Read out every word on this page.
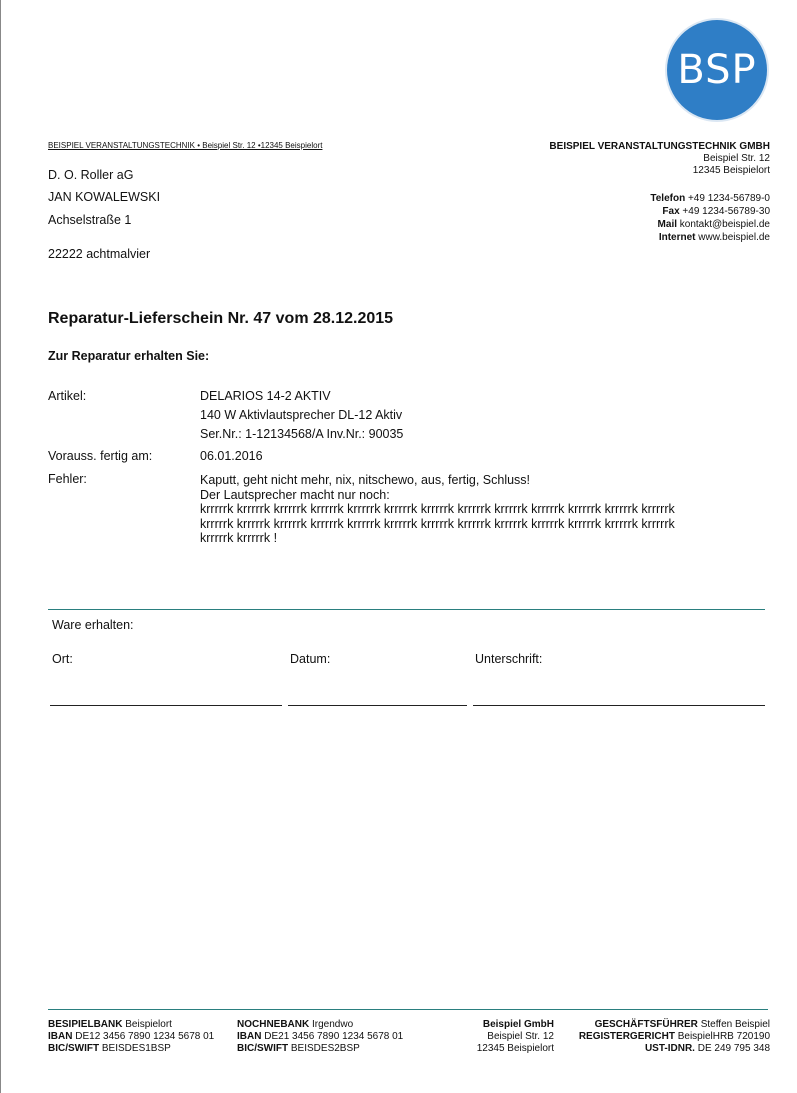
BSP
BEISPIEL VERANSTALTUNGSTECHNIK • Beispiel Str. 12 •12345 Beispielort
D. O. Roller aG
JAN KOWALEWSKI
Achselstraße 1
22222 achtmalvier
BEISPIEL VERANSTALTUNGSTECHNIK GMBH
Beispiel Str. 12
12345 Beispielort
Telefon +49 1234-56789-0
Fax +49 1234-56789-30
Mail kontakt@beispiel.de
Internet www.beispiel.de
Reparatur-Lieferschein Nr. 47 vom 28.12.2015
Zur Reparatur erhalten Sie:
Artikel:	DELARIOS 14-2 AKTIV
140 W Aktivlautsprecher DL-12 Aktiv
Ser.Nr.: 1-12134568/A Inv.Nr.: 90035
Vorauss. fertig am:	06.01.2016
Fehler:	Kaputt, geht nicht mehr, nix, nitschewo, aus, fertig, Schluss!
Der Lautsprecher macht nur noch:
krrrrrk krrrrrk krrrrrk krrrrrk krrrrrk krrrrrk krrrrrk krrrrrk krrrrrk krrrrrk krrrrrk krrrrrk krrrrrk
krrrrrk krrrrrk krrrrrk krrrrrk krrrrrk krrrrrk krrrrrk krrrrrk krrrrrk krrrrrk krrrrrk krrrrrk krrrrrk
krrrrrk krrrrrk !
Ware erhalten:
Ort:	Datum:	Unterschrift:
BESIPIELBANK Beispielort
IBAN DE12 3456 7890 1234 5678 01
BIC/SWIFT BEISDES1BSP
NOCHNEBANK Irgendwo
IBAN DE21 3456 7890 1234 5678 01
BIC/SWIFT BEISDES2BSP
Beispiel GmbH
Beispiel Str. 12
12345 Beispielort
GESCHÄFTSFÜHRER Steffen Beispiel
REGISTERGERICHT BeispielHRB 720190
UST-IDNR. DE 249 795 348
